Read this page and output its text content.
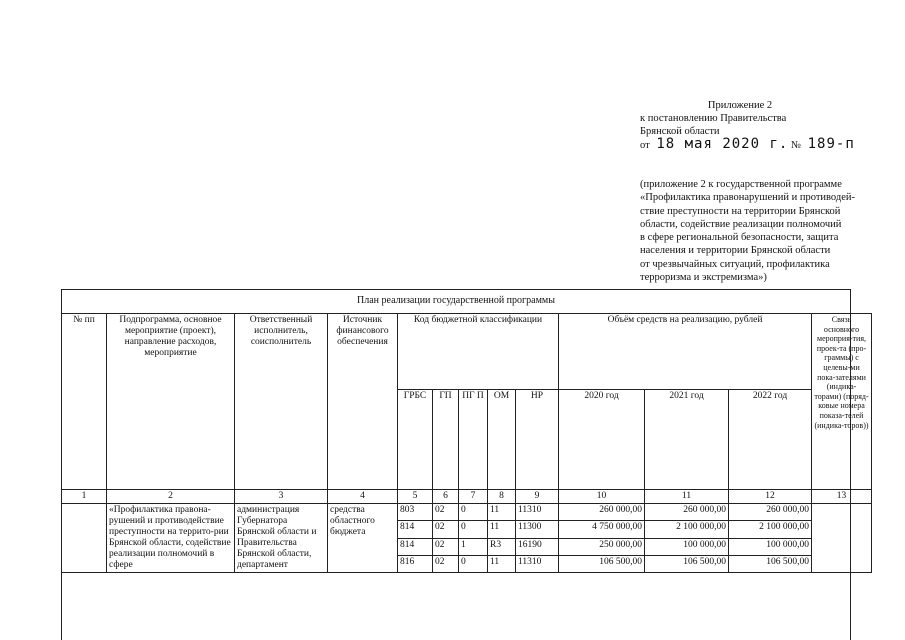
Приложение 2
к постановлению Правительства
Брянской области
от 18 мая 2020 г. № 189-п
(приложение 2 к государственной программе
«Профилактика правонарушений и противодей-
ствие преступности на территории Брянской
области, содействие реализации полномочий
в сфере региональной безопасности, защита
населения и территории Брянской области
от чрезвычайных ситуаций, профилактика
терроризма и экстремизма»)
План реализации государственной программы
№ пп	Подпрограмма, основное мероприятие (проект), направление расходов, мероприятие	Ответственный исполнитель, соисполнитель	Источник финансового обеспечения	Код бюджетной классификации					Объём средств на реализацию, рублей			Связь основного мероприя-тия, проек-та (про-граммы) с целевы-ми пока-зателями (индика-торами) (поряд-ковые номера показа-телей (индика-торов))
				ГРБС	ГП	ПГ П	ОМ	НР	2020 год	2021 год	2022 год	
1	2	3	4	5	6	7	8	9	10	11	12	13
	«Профилактика правона-рушений и противодействие преступности на террито-рии Брянской области, содействие реализации полномочий в сфере	администрация Губернатора Брянской области и Правительства Брянской области, департамент	средства областного бюджета	803	02	0	11	11310	260 000,00	260 000,00	260 000,00	
				814	02	0	11	11300	4 750 000,00	2 100 000,00	2 100 000,00	
				814	02	1	R3	16190	250 000,00	100 000,00	100 000,00	
				816	02	0	11	11310	106 500,00	106 500,00	106 500,00	
